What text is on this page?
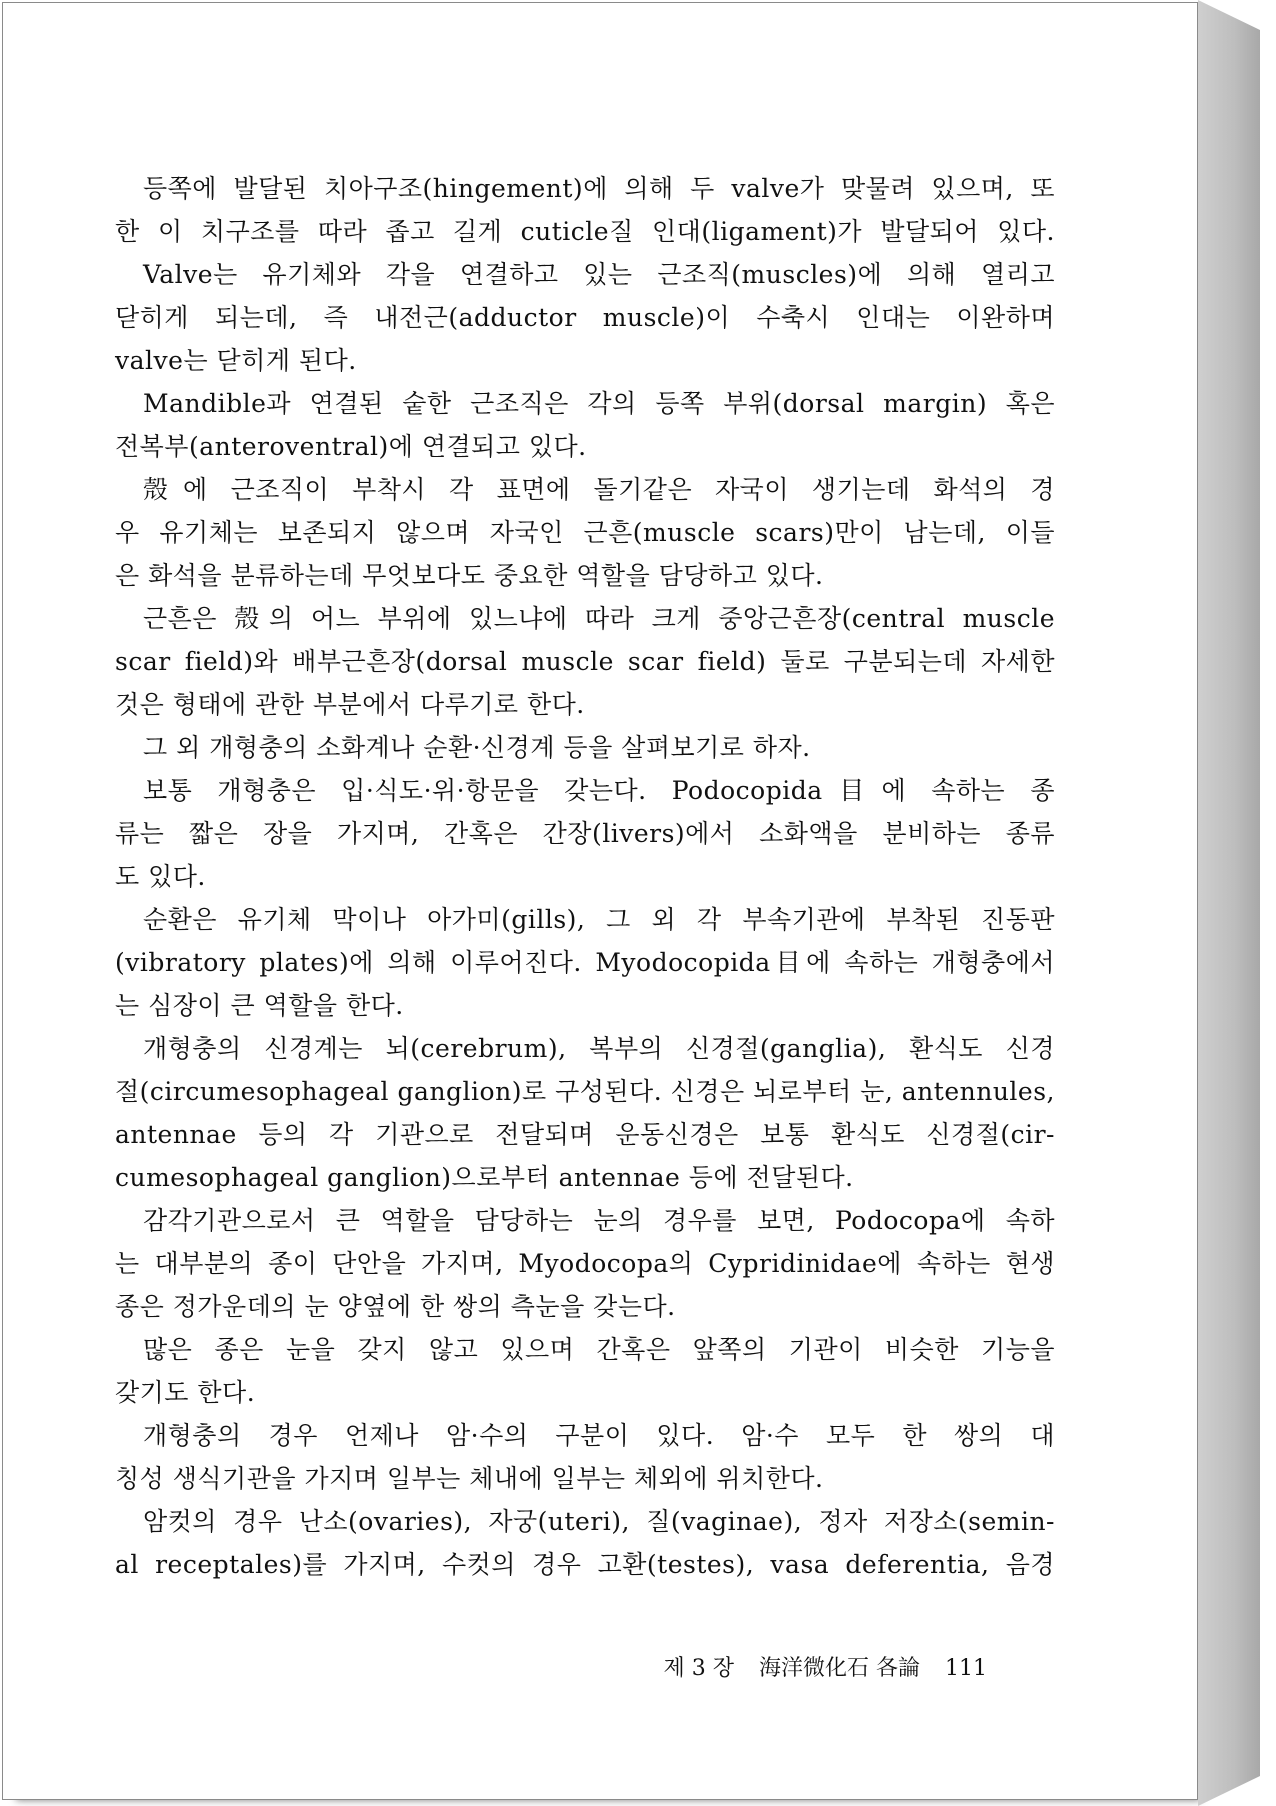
등쪽에 발달된 치아구조(hingement)에 의해 두 valve가 맞물려 있으며, 또
한 이 치구조를 따라 좁고 길게 cuticle질 인대(ligament)가 발달되어 있다.
Valve는 유기체와 각을 연결하고 있는 근조직(muscles)에 의해 열리고
닫히게 되는데, 즉 내전근(adductor muscle)이 수축시 인대는 이완하며
valve는 닫히게 된다.
Mandible과 연결된 숱한 근조직은 각의 등쪽 부위(dorsal margin) 혹은
전복부(anteroventral)에 연결되고 있다.
殼에 근조직이 부착시 각 표면에 돌기같은 자국이 생기는데 화석의 경
우 유기체는 보존되지 않으며 자국인 근흔(muscle scars)만이 남는데, 이들
은 화석을 분류하는데 무엇보다도 중요한 역할을 담당하고 있다.
근흔은 殼의 어느 부위에 있느냐에 따라 크게 중앙근흔장(central muscle
scar field)와 배부근흔장(dorsal muscle scar field) 둘로 구분되는데 자세한
것은 형태에 관한 부분에서 다루기로 한다.
그 외 개형충의 소화계나 순환·신경계 등을 살펴보기로 하자.
보통 개형충은 입·식도·위·항문을 갖는다. Podocopida目에 속하는 종
류는 짧은 장을 가지며, 간혹은 간장(livers)에서 소화액을 분비하는 종류
도 있다.
순환은 유기체 막이나 아가미(gills), 그 외 각 부속기관에 부착된 진동판
(vibratory plates)에 의해 이루어진다. Myodocopida目에 속하는 개형충에서
는 심장이 큰 역할을 한다.
개형충의 신경계는 뇌(cerebrum), 복부의 신경절(ganglia), 환식도 신경
절(circumesophageal ganglion)로 구성된다. 신경은 뇌로부터 눈, antennules,
antennae 등의 각 기관으로 전달되며 운동신경은 보통 환식도 신경절(cir-
cumesophageal ganglion)으로부터 antennae 등에 전달된다.
감각기관으로서 큰 역할을 담당하는 눈의 경우를 보면, Podocopa에 속하
는 대부분의 종이 단안을 가지며, Myodocopa의 Cypridinidae에 속하는 현생
종은 정가운데의 눈 양옆에 한 쌍의 측눈을 갖는다.
많은 종은 눈을 갖지 않고 있으며 간혹은 앞쪽의 기관이 비슷한 기능을
갖기도 한다.
개형충의 경우 언제나 암·수의 구분이 있다. 암·수 모두 한 쌍의 대
칭성 생식기관을 가지며 일부는 체내에 일부는 체외에 위치한다.
암컷의 경우 난소(ovaries), 자궁(uteri), 질(vaginae), 정자 저장소(semin-
al receptales)를 가지며, 수컷의 경우 고환(testes), vasa deferentia, 음경
제 3 장 海洋微化石 各論 111
